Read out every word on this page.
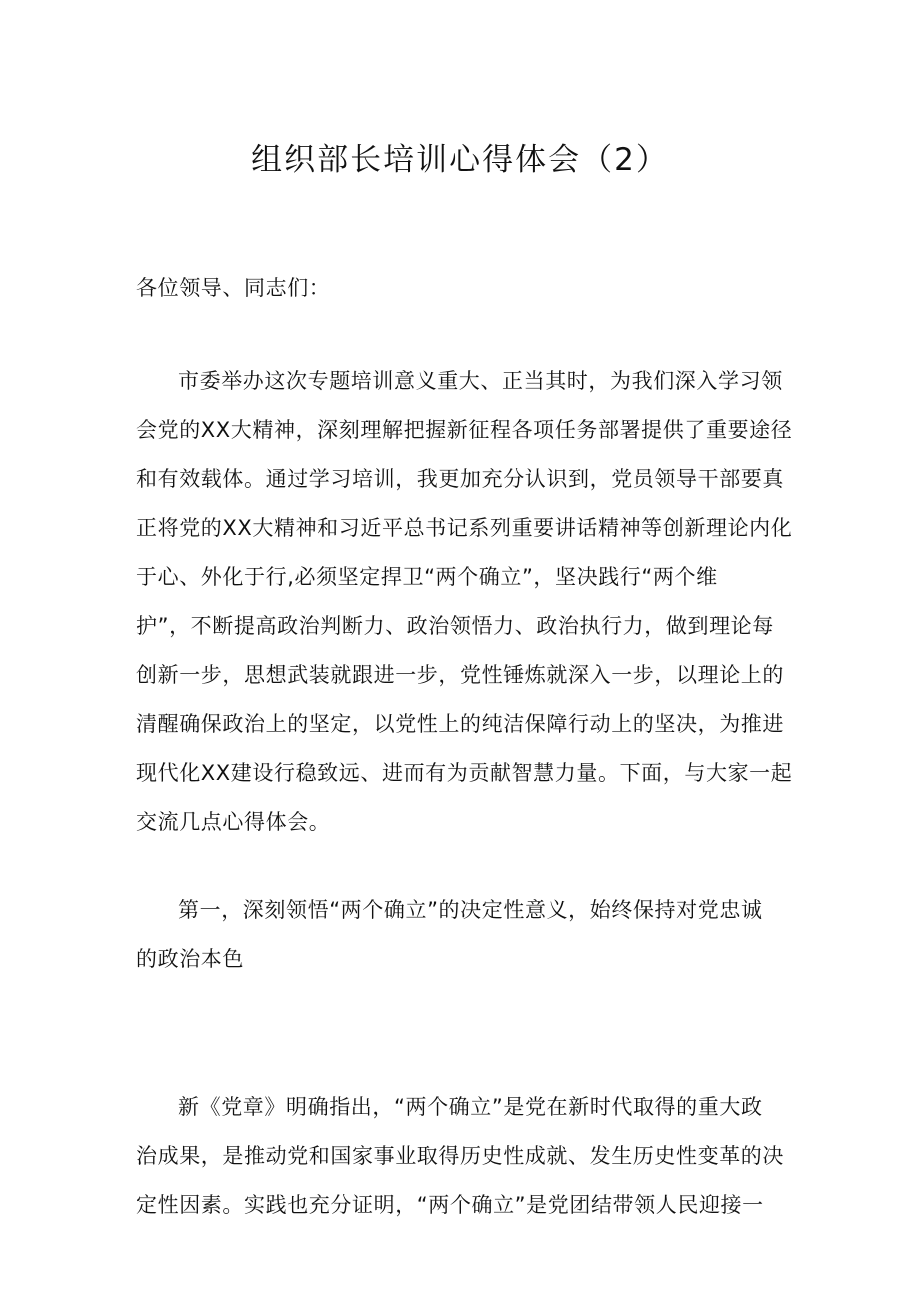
组织部长培训心得体会（2）

各位领导、同志们：

市委举办这次专题培训意义重大、正当其时，为我们深入学习领
会党的XX大精神，深刻理解把握新征程各项任务部署提供了重要途径
和有效载体。通过学习培训，我更加充分认识到，党员领导干部要真
正将党的XX大精神和习近平总书记系列重要讲话精神等创新理论内化
于心、外化于行,必须坚定捍卫“两个确立”，坚决践行“两个维
护”，不断提高政治判断力、政治领悟力、政治执行力，做到理论每
创新一步，思想武装就跟进一步，党性锤炼就深入一步，以理论上的
清醒确保政治上的坚定，以党性上的纯洁保障行动上的坚决，为推进
现代化XX建设行稳致远、进而有为贡献智慧力量。下面，与大家一起
交流几点心得体会。

第一，深刻领悟“两个确立”的决定性意义，始终保持对党忠诚
的政治本色

新《党章》明确指出，“两个确立”是党在新时代取得的重大政
治成果，是推动党和国家事业取得历史性成就、发生历史性变革的决
定性因素。实践也充分证明，“两个确立”是党团结带领人民迎接一
